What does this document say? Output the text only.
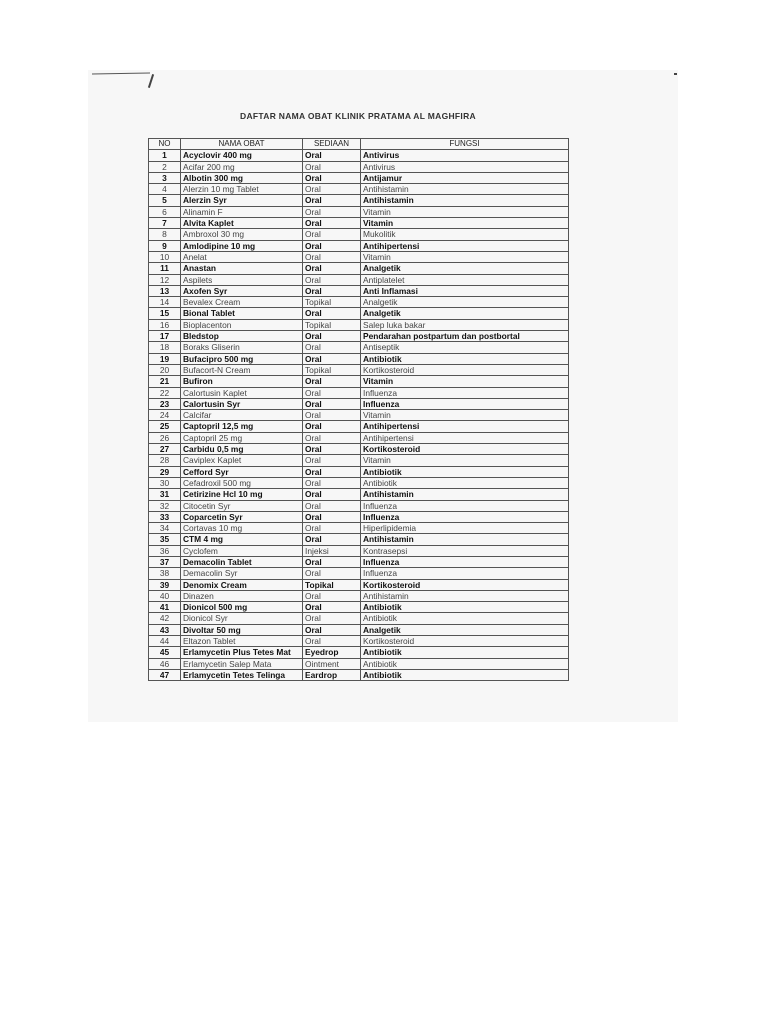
DAFTAR NAMA OBAT KLINIK PRATAMA AL MAGHFIRA
NO	NAMA OBAT	SEDIAAN	FUNGSI
1	Acyclovir 400 mg	Oral	Antivirus
2	Acifar 200 mg	Oral	Antivirus
3	Albotin 300 mg	Oral	Antijamur
4	Alerzin 10 mg Tablet	Oral	Antihistamin
5	Alerzin Syr	Oral	Antihistamin
6	Alinamin F	Oral	Vitamin
7	Alvita Kaplet	Oral	Vitamin
8	Ambroxol 30 mg	Oral	Mukolitik
9	Amlodipine 10 mg	Oral	Antihipertensi
10	Anelat	Oral	Vitamin
11	Anastan	Oral	Analgetik
12	Aspilets	Oral	Antiplatelet
13	Axofen Syr	Oral	Anti Inflamasi
14	Bevalex Cream	Topikal	Analgetik
15	Bional Tablet	Oral	Analgetik
16	Bioplacenton	Topikal	Salep luka bakar
17	Bledstop	Oral	Pendarahan postpartum dan postbortal
18	Boraks Gliserin	Oral	Antiseptik
19	Bufacipro 500 mg	Oral	Antibiotik
20	Bufacort-N Cream	Topikal	Kortikosteroid
21	Bufiron	Oral	Vitamin
22	Calortusin Kaplet	Oral	Influenza
23	Calortusin Syr	Oral	Influenza
24	Calcifar	Oral	Vitamin
25	Captopril 12,5 mg	Oral	Antihipertensi
26	Captopril 25 mg	Oral	Antihipertensi
27	Carbidu 0,5 mg	Oral	Kortikosteroid
28	Caviplex Kaplet	Oral	Vitamin
29	Cefford Syr	Oral	Antibiotik
30	Cefadroxil 500 mg	Oral	Antibiotik
31	Cetirizine Hcl 10 mg	Oral	Antihistamin
32	Citocetin Syr	Oral	Influenza
33	Coparcetin Syr	Oral	Influenza
34	Cortavas 10 mg	Oral	Hiperlipidemia
35	CTM 4 mg	Oral	Antihistamin
36	Cyclofem	Injeksi	Kontrasepsi
37	Demacolin Tablet	Oral	Influenza
38	Demacolin Syr	Oral	Influenza
39	Denomix Cream	Topikal	Kortikosteroid
40	Dinazen	Oral	Antihistamin
41	Dionicol 500 mg	Oral	Antibiotik
42	Dionicol Syr	Oral	Antibiotik
43	Divoltar 50 mg	Oral	Analgetik
44	Eltazon Tablet	Oral	Kortikosteroid
45	Erlamycetin Plus Tetes Mat	Eyedrop	Antibiotik
46	Erlamycetin Salep Mata	Ointment	Antibiotik
47	Erlamycetin Tetes Telinga	Eardrop	Antibiotik
